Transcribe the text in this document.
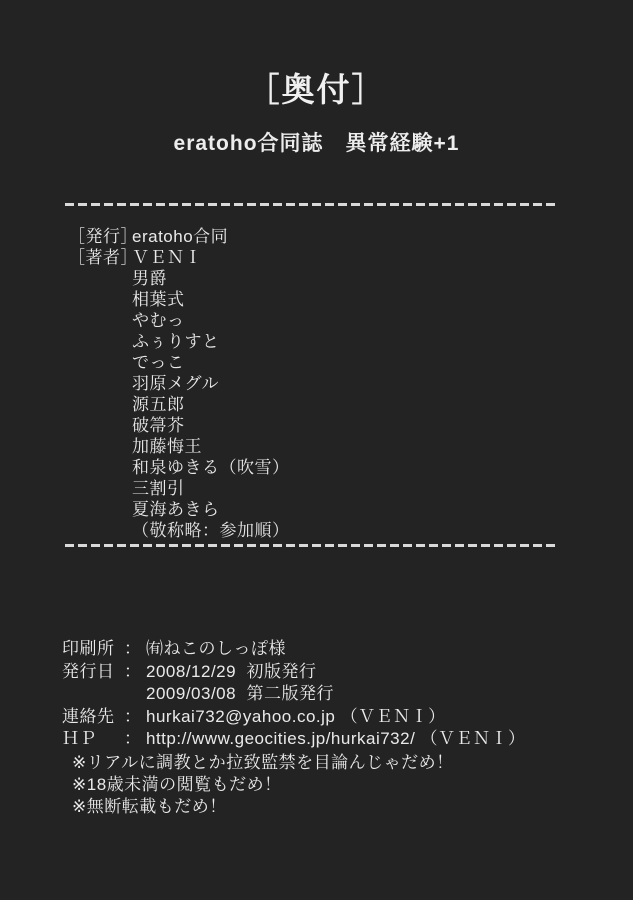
［奥付］
eratoho合同誌　異常経験+1
［発行］
eratoho合同
［著者］
ＶＥＮＩ
男爵
相葉式
やむっ
ふぅりすと
でっこ
羽原メグル
源五郎
破箒芥
加藤悔王
和泉ゆきる（吹雪）
三割引
夏海あきら
（敬称略：参加順）
印刷所 ： ㈲ねこのしっぽ様
発行日 ： 2008/12/29  初版発行
2009/03/08  第二版発行
連絡先 ： hurkai732@yahoo.co.jp （ＶＥＮＩ）
ＨＰ	： http://www.geocities.jp/hurkai732/ （ＶＥＮＩ）
※リアルに調教とか拉致監禁を目論んじゃだめ！
※18歳未満の閲覧もだめ！
※無断転載もだめ！
